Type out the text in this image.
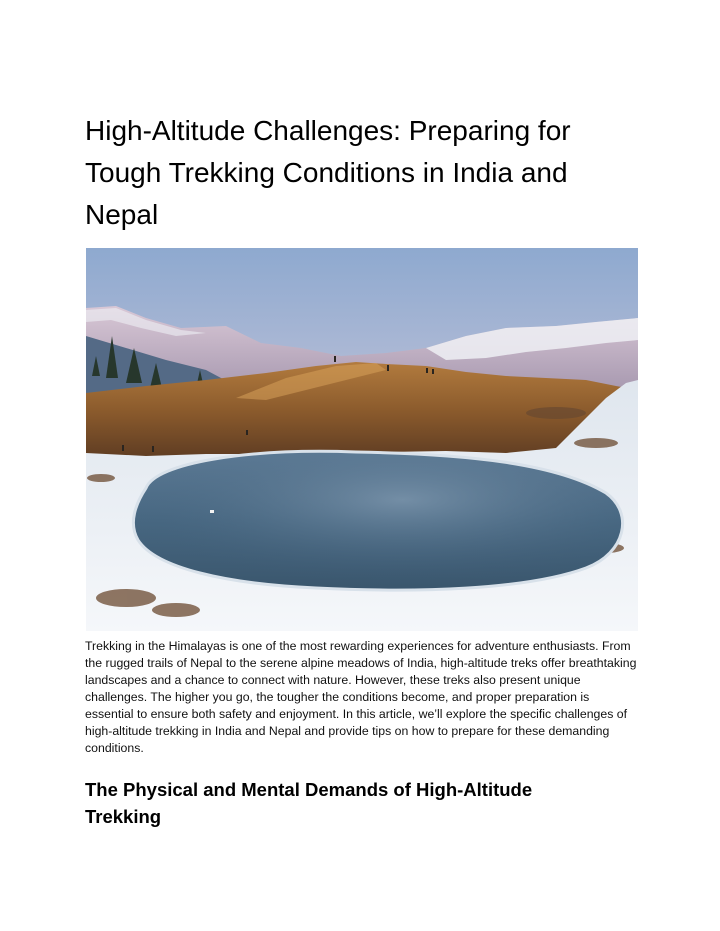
High-Altitude Challenges: Preparing for Tough Trekking Conditions in India and Nepal

Trekking in the Himalayas is one of the most rewarding experiences for adventure enthusiasts. From the rugged trails of Nepal to the serene alpine meadows of India, high-altitude treks offer breathtaking landscapes and a chance to connect with nature. However, these treks also present unique challenges. The higher you go, the tougher the conditions become, and proper preparation is essential to ensure both safety and enjoyment. In this article, we’ll explore the specific challenges of high-altitude trekking in India and Nepal and provide tips on how to prepare for these demanding conditions.

The Physical and Mental Demands of High-Altitude Trekking
